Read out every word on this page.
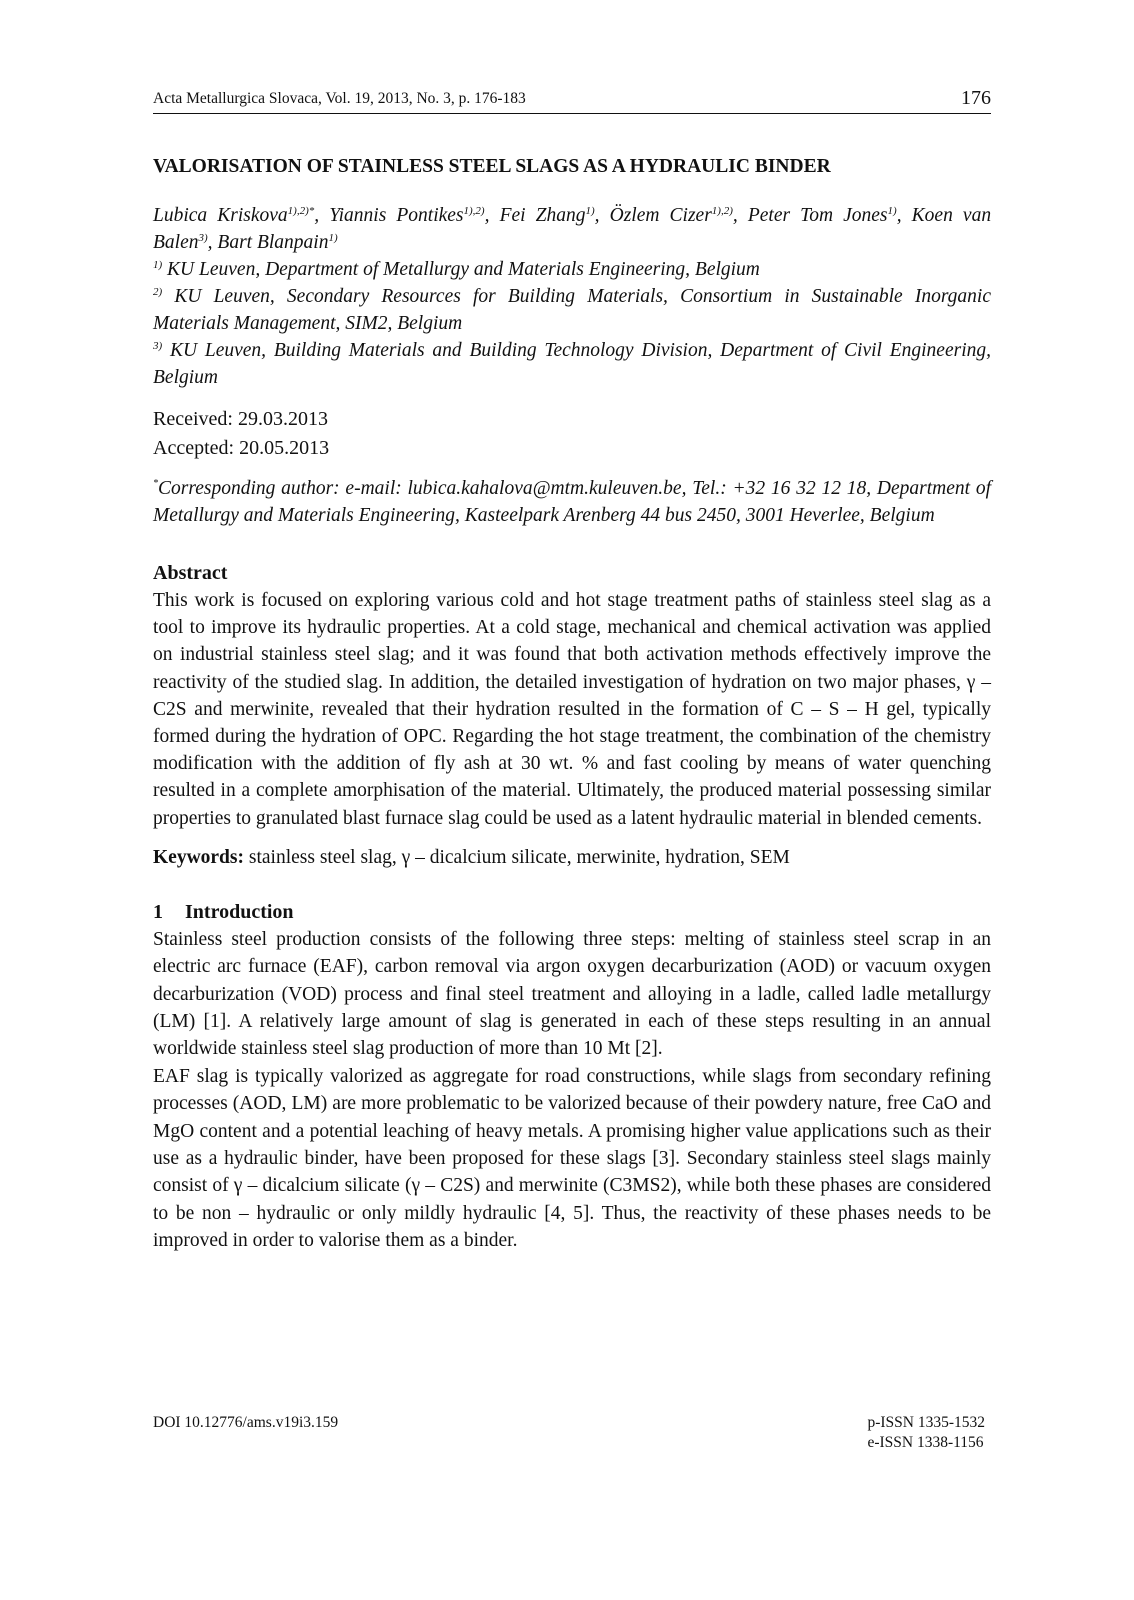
Acta Metallurgica Slovaca, Vol. 19, 2013, No. 3, p. 176-183	176
VALORISATION OF STAINLESS STEEL SLAGS AS A HYDRAULIC BINDER
Lubica Kriskova$^{1),2)*}$, Yiannis Pontikes$^{1),2)}$, Fei Zhang$^{1)}$, Özlem Cizer$^{1),2)}$, Peter Tom Jones$^{1)}$, Koen van Balen$^{3)}$, Bart Blanpain$^{1)}$

$^{1)}$ KU Leuven, Department of Metallurgy and Materials Engineering, Belgium

$^{2)}$ KU Leuven, Secondary Resources for Building Materials, Consortium in Sustainable Inorganic Materials Management, SIM2, Belgium

$^{3)}$ KU Leuven, Building Materials and Building Technology Division, Department of Civil Engineering, Belgium

Received: 29.03.2013
Accepted: 20.05.2013
*Corresponding author: e-mail: lubica.kahalova@mtm.kuleuven.be, Tel.: +32 16 32 12 18, Department of Metallurgy and Materials Engineering, Kasteelpark Arenberg 44 bus 2450, 3001 Heverlee, Belgium
Abstract

This work is focused on exploring various cold and hot stage treatment paths of stainless steel slag as a tool to improve its hydraulic properties. At a cold stage, mechanical and chemical activation was applied on industrial stainless steel slag; and it was found that both activation methods effectively improve the reactivity of the studied slag. In addition, the detailed investigation of hydration on two major phases, γ – C2S and merwinite, revealed that their hydration resulted in the formation of C – S – H gel, typically formed during the hydration of OPC. Regarding the hot stage treatment, the combination of the chemistry modification with the addition of fly ash at 30 wt. % and fast cooling by means of water quenching resulted in a complete amorphisation of the material. Ultimately, the produced material possessing similar properties to granulated blast furnace slag could be used as a latent hydraulic material in blended cements.

Keywords: stainless steel slag, γ – dicalcium silicate, merwinite, hydration, SEM
1 Introduction

Stainless steel production consists of the following three steps: melting of stainless steel scrap in an electric arc furnace (EAF), carbon removal via argon oxygen decarburization (AOD) or vacuum oxygen decarburization (VOD) process and final steel treatment and alloying in a ladle, called ladle metallurgy (LM) [1]. A relatively large amount of slag is generated in each of these steps resulting in an annual worldwide stainless steel slag production of more than 10 Mt [2].

EAF slag is typically valorized as aggregate for road constructions, while slags from secondary refining processes (AOD, LM) are more problematic to be valorized because of their powdery nature, free CaO and MgO content and a potential leaching of heavy metals. A promising higher value applications such as their use as a hydraulic binder, have been proposed for these slags [3]. Secondary stainless steel slags mainly consist of γ – dicalcium silicate (γ – C2S) and merwinite (C3MS2), while both these phases are considered to be non – hydraulic or only mildly hydraulic [4, 5]. Thus, the reactivity of these phases needs to be improved in order to valorise them as a binder.

DOI 10.12776/ams.v19i3.159	p-ISSN 1335-1532
e-ISSN 1338-1156
